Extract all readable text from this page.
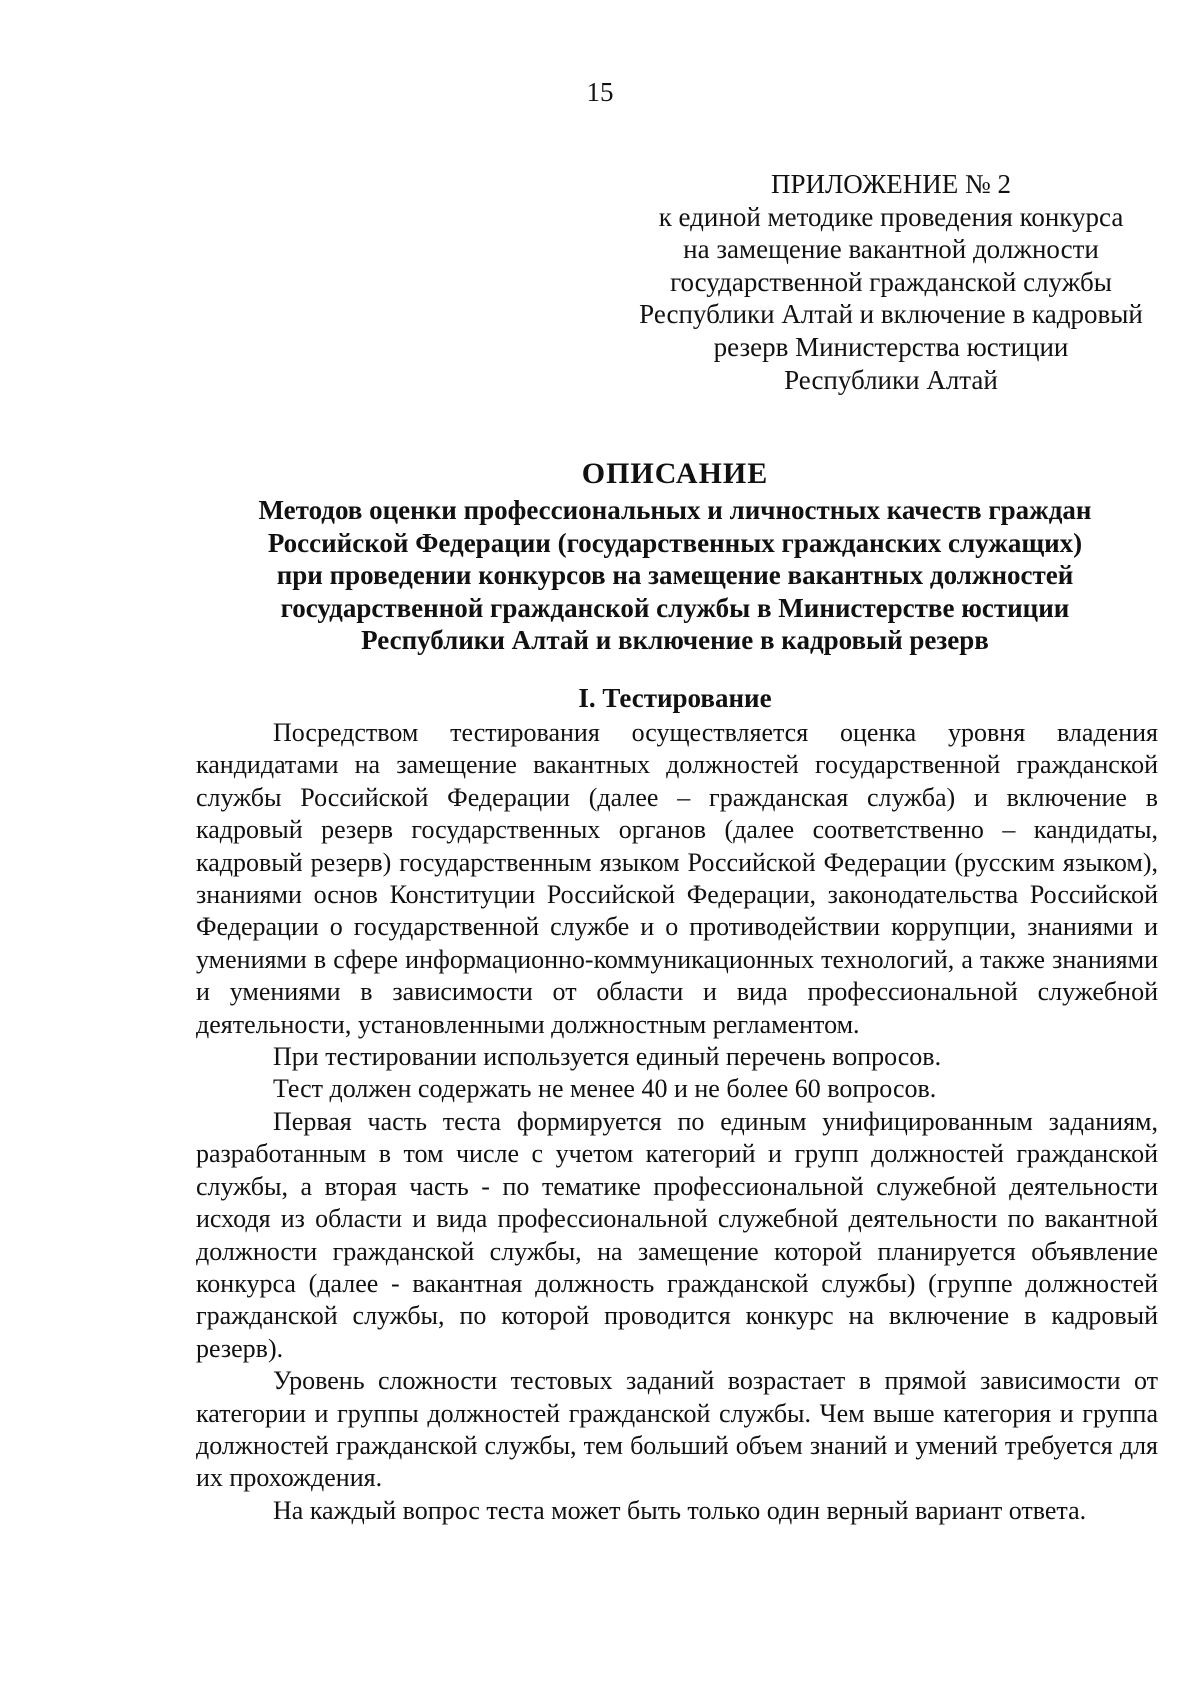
15
ПРИЛОЖЕНИЕ № 2
к единой методике проведения конкурса
на замещение вакантной должности
государственной гражданской службы
Республики Алтай и включение в кадровый
резерв Министерства юстиции
Республики Алтай
ОПИСАНИЕ
Методов оценки профессиональных и личностных качеств граждан
Российской Федерации (государственных гражданских служащих)
при проведении конкурсов на замещение вакантных должностей
государственной гражданской службы в Министерстве юстиции
Республики Алтай и включение в кадровый резерв
I. Тестирование

Посредством тестирования осуществляется оценка уровня владения кандидатами на замещение вакантных должностей государственной гражданской службы Российской Федерации (далее – гражданская служба) и включение в кадровый резерв государственных органов (далее соответственно – кандидаты, кадровый резерв) государственным языком Российской Федерации (русским языком), знаниями основ Конституции Российской Федерации, законодательства Российской Федерации о государственной службе и о противодействии коррупции, знаниями и умениями в сфере информационно-коммуникационных технологий, а также знаниями и умениями в зависимости от области и вида профессиональной служебной деятельности, установленными должностным регламентом.

При тестировании используется единый перечень вопросов.

Тест должен содержать не менее 40 и не более 60 вопросов.

Первая часть теста формируется по единым унифицированным заданиям, разработанным в том числе с учетом категорий и групп должностей гражданской службы, а вторая часть - по тематике профессиональной служебной деятельности исходя из области и вида профессиональной служебной деятельности по вакантной должности гражданской службы, на замещение которой планируется объявление конкурса (далее - вакантная должность гражданской службы) (группе должностей гражданской службы, по которой проводится конкурс на включение в кадровый резерв).

Уровень сложности тестовых заданий возрастает в прямой зависимости от категории и группы должностей гражданской службы. Чем выше категория и группа должностей гражданской службы, тем больший объем знаний и умений требуется для их прохождения.

На каждый вопрос теста может быть только один верный вариант ответа.
